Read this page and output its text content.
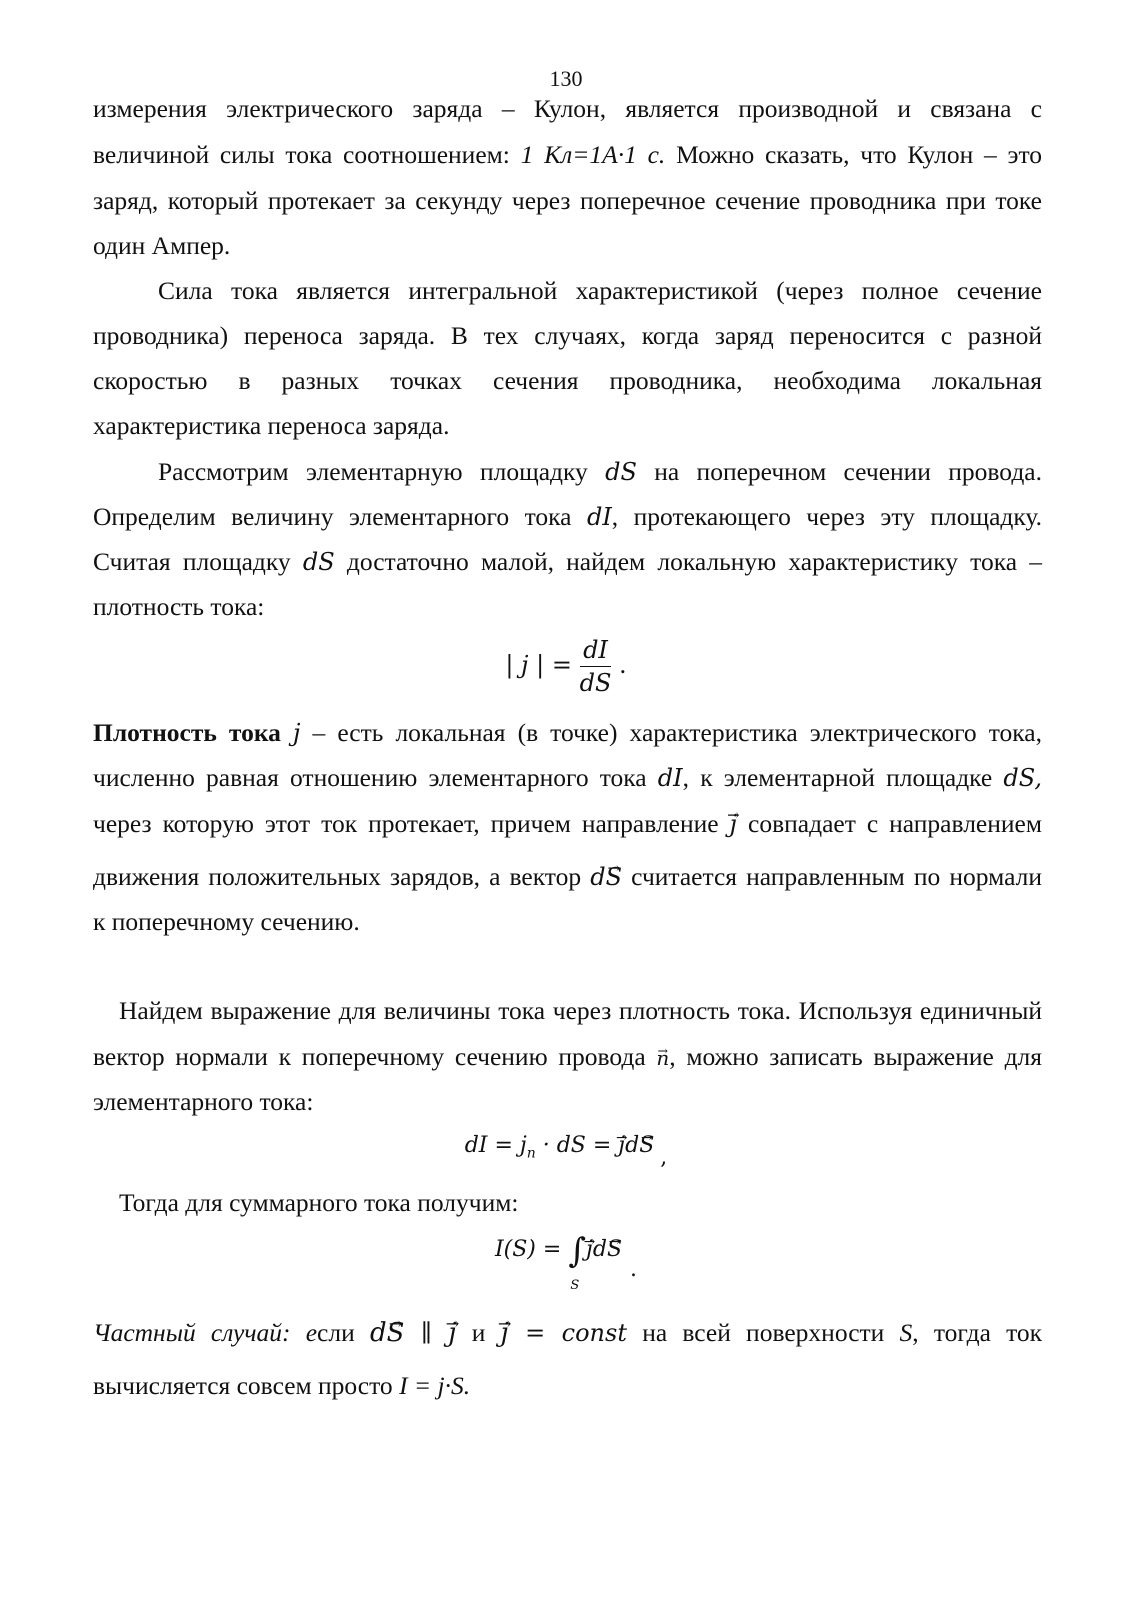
130
измерения электрического заряда – Кулон, является производной и связана с
величиной силы тока соотношением: 1 Кл=1А·1 с. Можно сказать, что Кулон – это
заряд, который протекает за секунду через поперечное сечение проводника при токе
один Ампер.
Сила тока является интегральной характеристикой (через полное сечение
проводника) переноса заряда. В тех случаях, когда заряд переносится с разной
скоростью в разных точках сечения проводника, необходима локальная
характеристика переноса заряда.
Рассмотрим элементарную площадку dS на поперечном сечении провода.
Определим величину элементарного тока dI, протекающего через эту площадку.
Считая площадку dS достаточно малой, найдем локальную характеристику тока –
плотность тока:
| j | = $\frac{dI}{dS}$ .
Плотность тока j – есть локальная (в точке) характеристика электрического тока,
численно равная отношению элементарного тока dI, к элементарной площадке dS,
через которую этот ток протекает, причем направление → j совпадает с направлением
движения положительных зарядов, а вектор d→ S считается направленным по нормали
к поперечному сечению.
Найдем выражение для величины тока через плотность тока. Используя единичный
вектор нормали к поперечному сечению провода → n, можно записать выражение для
элементарного тока:
dI = $j_n$ · dS = → jd→ S ,
Тогда для суммарного тока получим:
I(S) = ∫
S
→ jd→ S.
Частный случай: если d→ S ∥ → j и → j = const на всей поверхности S, тогда ток
вычисляется совсем просто I = j·S.
